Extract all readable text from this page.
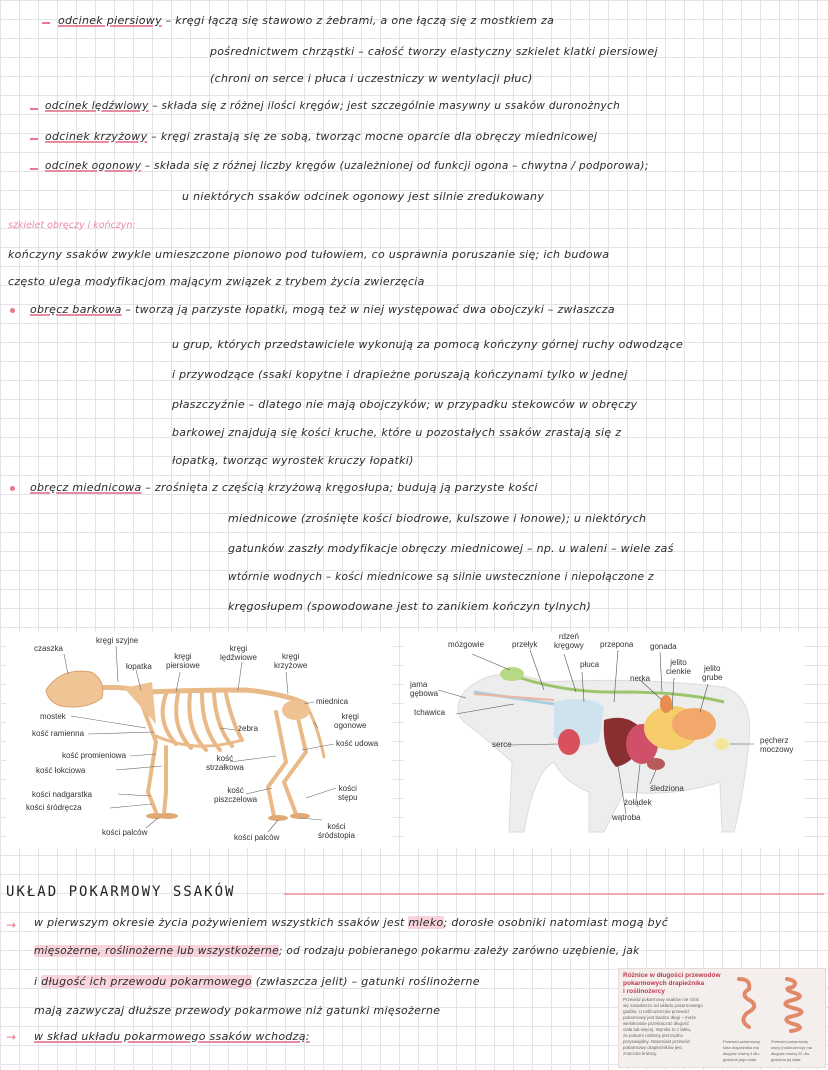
odcinek piersiowy – kręgi łączą się stawowo z żebrami, a one łączą się z mostkiem za
pośrednictwem chrząstki – całość tworzy elastyczny szkielet klatki piersiowej
(chroni on serce i płuca i uczestniczy w wentylacji płuc)
odcinek lędźwiowy – składa się z różnej ilości kręgów; jest szczególnie masywny u ssaków duronożnych
odcinek krzyżowy – kręgi zrastają się ze sobą, tworząc mocne oparcie dla obręczy miednicowej
odcinek ogonowy – składa się z różnej liczby kręgów (uzależnionej od funkcji ogona – chwytna / podporowa);
u niektórych ssaków odcinek ogonowy jest silnie zredukowany
szkielet obręczy i kończyn:
kończyny ssaków zwykle umieszczone pionowo pod tułowiem, co usprawnia poruszanie się; ich budowa
często ulega modyfikacjom mającym związek z trybem życia zwierzęcia
obręcz barkowa – tworzą ją parzyste łopatki, mogą też w niej występować dwa obojczyki – zwłaszcza
u grup, których przedstawiciele wykonują za pomocą kończyny górnej ruchy odwodzące
i przywodzące (ssaki kopytne i drapieżne poruszają kończynami tylko w jednej
płaszczyźnie – dlatego nie mają obojczyków; w przypadku stekowców w obręczy
barkowej znajdują się kości kruche, które u pozostałych ssaków zrastają się z
łopatką, tworząc wyrostek kruczy łopatki)
obręcz miednicowa – zrośnięta z częścią krzyżową kręgosłupa; budują ją parzyste kości
miednicowe (zrośnięte kości biodrowe, kulszowe i łonowe); u niektórych
gatunków zaszły modyfikacje obręczy miednicowej – np. u waleni – wiele zaś
wtórnie wodnych – kości miednicowe są silnie uwstecznione i niepołączone z
kręgosłupem (spowodowane jest to zanikiem kończyn tylnych)
czaszka
kręgi szyjne
łopatka
kręgi
piersiowe
kręgi
lędźwiowe	kręgi
krzyżowe
miednica
kręgi
ogonowe
kość udowa
mostek
kość ramienna
żebra
kość promieniowa
kość łokciowa
kość
strzałkowa
kości nadgarstka
kości śródręcza
kość
piszczelowa
kości
stępu
kości palców
kości palców
kości
śródstopia
mózgowie	przełyk
rdzeń
kręgowy przepona gonada
płuca
nerka
jelito
cienkie jelito
grube
jama
gębowa
tchawica
serce	pęcherz
moczowy
śledziona
żołądek
wątroba
UKŁAD POKARMOWY SSAKÓW
→ w pierwszym okresie życia pożywieniem wszystkich ssaków jest mleko; dorosłe osobniki natomiast mogą być
mięsożerne, roślinożerne lub wszystkożerne; od rodzaju pobieranego pokarmu zależy zarówno uzębienie, jak
i długość ich przewodu pokarmowego (zwłaszcza jelit) – gatunki roślinożerne
mają zazwyczaj dłuższe przewody pokarmowe niż gatunki mięsożerne
→ w skład układu pokarmowego ssaków wchodzą:
Różnice w długości przewodów
pokarmowych drapieżnika
i roślinożercy
Przewód pokarmowy ssaków nie różni
się zasadniczo od układu pokarmowego
gadów. U roślinożerców przewód
pokarmowy jest bardzo długi – może
wielokrotnie przekraczać długość
ciała lub więcej. Wynika to z faktu,
że pokarm roślinny jest trudno
przyswajalny. Natomiast przewód
pokarmowy drapieżników jest
znacznie krótszy.
Przewód pokarmowy
kota drapieżnika ma
długość równą 4 dłu-
gościom jego ciała.
Przewód pokarmowy
owcy (roślinożercy) ma
długość równą 22 dłu-
gościom jej ciała.
